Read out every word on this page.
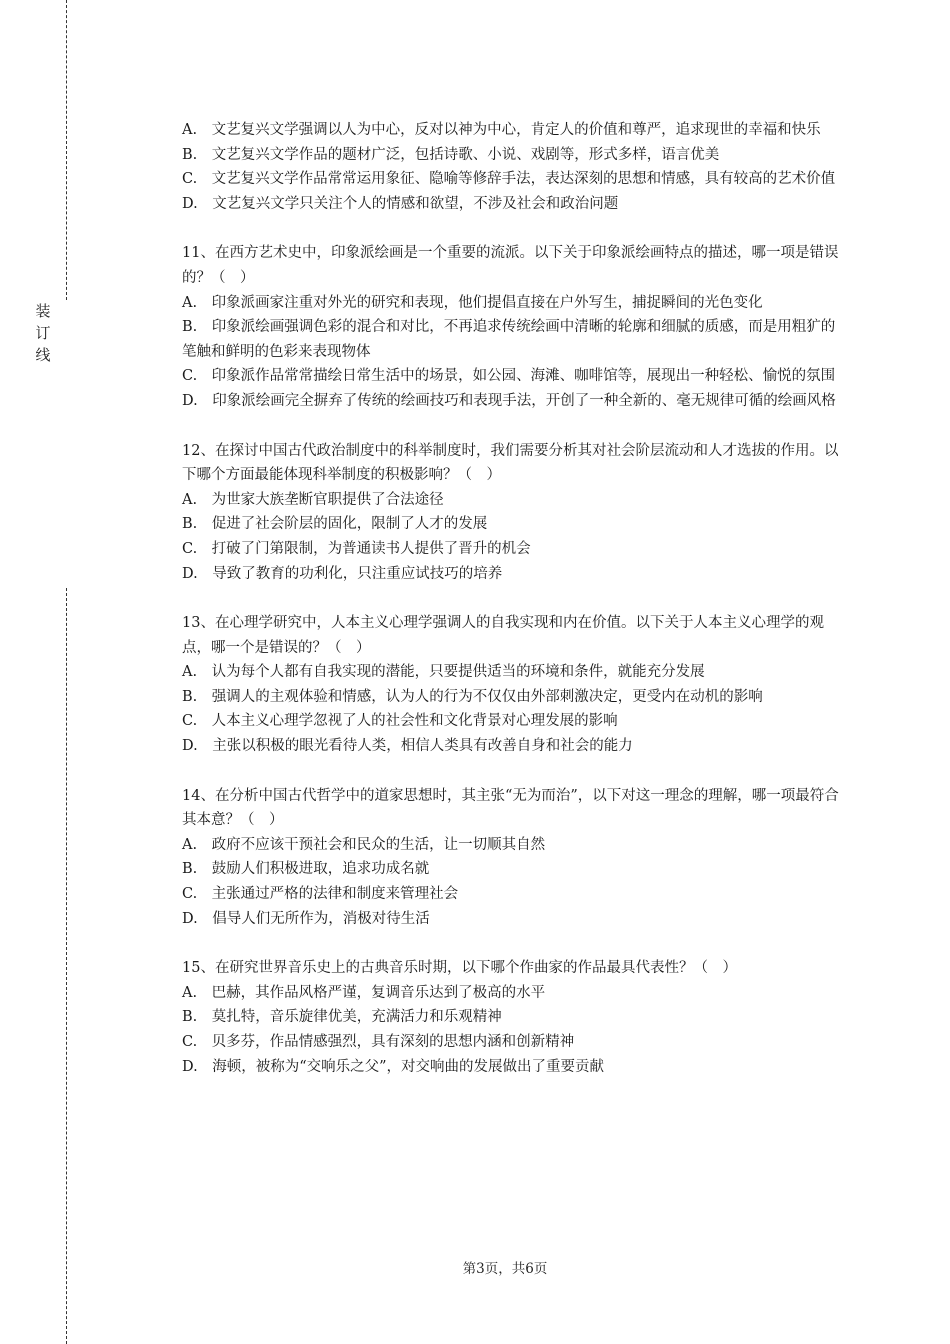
装
订
线

A.　文艺复兴文学强调以人为中心，反对以神为中心，肯定人的价值和尊严，追求现世的幸福和快乐

B.　文艺复兴文学作品的题材广泛，包括诗歌、小说、戏剧等，形式多样，语言优美

C.　文艺复兴文学作品常常运用象征、隐喻等修辞手法，表达深刻的思想和情感，具有较高的艺术价值

D.　文艺复兴文学只关注个人的情感和欲望，不涉及社会和政治问题

11、在西方艺术史中，印象派绘画是一个重要的流派。以下关于印象派绘画特点的描述，哪一项是错误的？（　）

A.　印象派画家注重对外光的研究和表现，他们提倡直接在户外写生，捕捉瞬间的光色变化

B.　印象派绘画强调色彩的混合和对比，不再追求传统绘画中清晰的轮廓和细腻的质感，而是用粗犷的笔触和鲜明的色彩来表现物体

C.　印象派作品常常描绘日常生活中的场景，如公园、海滩、咖啡馆等，展现出一种轻松、愉悦的氛围

D.　印象派绘画完全摒弃了传统的绘画技巧和表现手法，开创了一种全新的、毫无规律可循的绘画风格

12、在探讨中国古代政治制度中的科举制度时，我们需要分析其对社会阶层流动和人才选拔的作用。以下哪个方面最能体现科举制度的积极影响？（　）

A.　为世家大族垄断官职提供了合法途径

B.　促进了社会阶层的固化，限制了人才的发展

C.　打破了门第限制，为普通读书人提供了晋升的机会

D.　导致了教育的功利化，只注重应试技巧的培养

13、在心理学研究中，人本主义心理学强调人的自我实现和内在价值。以下关于人本主义心理学的观点，哪一个是错误的？（　）

A.　认为每个人都有自我实现的潜能，只要提供适当的环境和条件，就能充分发展

B.　强调人的主观体验和情感，认为人的行为不仅仅由外部刺激决定，更受内在动机的影响

C.　人本主义心理学忽视了人的社会性和文化背景对心理发展的影响

D.　主张以积极的眼光看待人类，相信人类具有改善自身和社会的能力

14、在分析中国古代哲学中的道家思想时，其主张“无为而治”，以下对这一理念的理解，哪一项最符合其本意？（　）

A.　政府不应该干预社会和民众的生活，让一切顺其自然

B.　鼓励人们积极进取，追求功成名就

C.　主张通过严格的法律和制度来管理社会

D.　倡导人们无所作为，消极对待生活

15、在研究世界音乐史上的古典音乐时期，以下哪个作曲家的作品最具代表性？（　）

A.　巴赫，其作品风格严谨，复调音乐达到了极高的水平

B.　莫扎特，音乐旋律优美，充满活力和乐观精神

C.　贝多芬，作品情感强烈，具有深刻的思想内涵和创新精神

D.　海顿，被称为“交响乐之父”，对交响曲的发展做出了重要贡献

第3页，共6页
